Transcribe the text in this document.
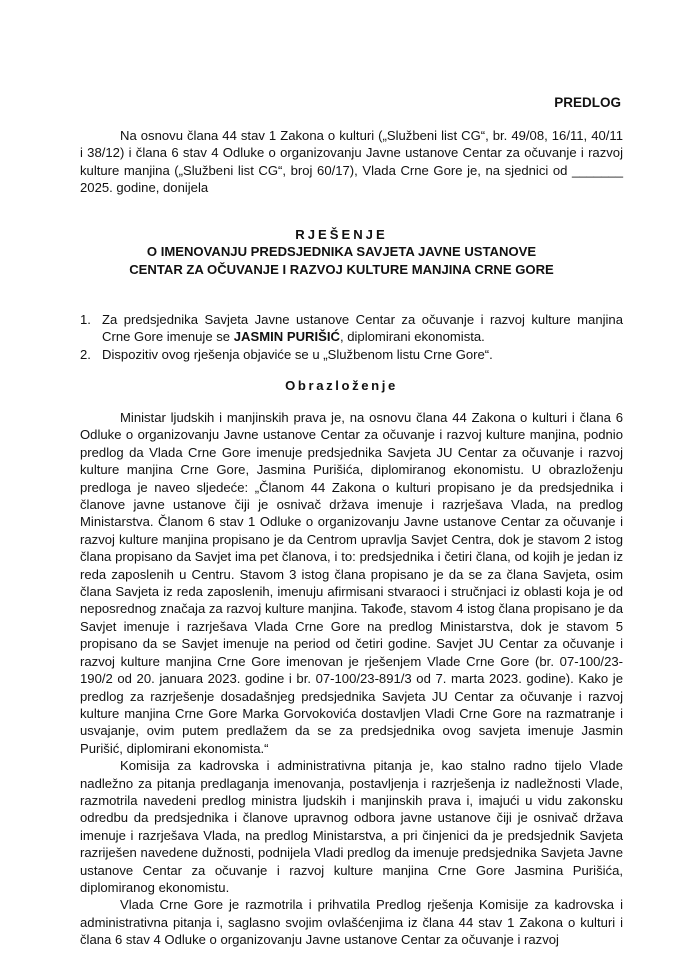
PREDLOG

Na osnovu člana 44 stav 1 Zakona o kulturi („Službeni list CG“, br. 49/08, 16/11, 40/11 i 38/12) i člana 6 stav 4 Odluke o organizovanju Javne ustanove Centar za očuvanje i razvoj kulture manjina („Službeni list CG“, broj 60/17), Vlada Crne Gore je, na sjednici od _______ 2025. godine, donijela

RJEŠENJE
O IMENOVANJU PREDSJEDNIKA SAVJETA JAVNE USTANOVE
CENTAR ZA OČUVANJE I RAZVOJ KULTURE MANJINA CRNE GORE
1. Za predsjednika Savjeta Javne ustanove Centar za očuvanje i razvoj kulture manjina Crne Gore imenuje se JASMIN PURIŠIĆ, diplomirani ekonomista.
2. Dispozitiv ovog rješenja objaviće se u „Službenom listu Crne Gore“.
Obrazloženje

Ministar ljudskih i manjinskih prava je, na osnovu člana 44 Zakona o kulturi i člana 6 Odluke o organizovanju Javne ustanove Centar za očuvanje i razvoj kulture manjina, podnio predlog da Vlada Crne Gore imenuje predsjednika Savjeta JU Centar za očuvanje i razvoj kulture manjina Crne Gore, Jasmina Purišića, diplomiranog ekonomistu. U obrazloženju predloga je naveo sljedeće: „Članom 44 Zakona o kulturi propisano je da predsjednika i članove javne ustanove čiji je osnivač država imenuje i razrješava Vlada, na predlog Ministarstva. Članom 6 stav 1 Odluke o organizovanju Javne ustanove Centar za očuvanje i razvoj kulture manjina propisano je da Centrom upravlja Savjet Centra, dok je stavom 2 istog člana propisano da Savjet ima pet članova, i to: predsjednika i četiri člana, od kojih je jedan iz reda zaposlenih u Centru. Stavom 3 istog člana propisano je da se za člana Savjeta, osim člana Savjeta iz reda zaposlenih, imenuju afirmisani stvaraoci i stručnjaci iz oblasti koja je od neposrednog značaja za razvoj kulture manjina. Takođe, stavom 4 istog člana propisano je da Savjet imenuje i razrješava Vlada Crne Gore na predlog Ministarstva, dok je stavom 5 propisano da se Savjet imenuje na period od četiri godine. Savjet JU Centar za očuvanje i razvoj kulture manjina Crne Gore imenovan je rješenjem Vlade Crne Gore (br. 07-100/23-190/2 od 20. januara 2023. godine i br. 07-100/23-891/3 od 7. marta 2023. godine). Kako je predlog za razrješenje dosadašnjeg predsjednika Savjeta JU Centar za očuvanje i razvoj kulture manjina Crne Gore Marka Gorvokovića dostavljen Vladi Crne Gore na razmatranje i usvajanje, ovim putem predlažem da se za predsjednika ovog savjeta imenuje Jasmin Purišić, diplomirani ekonomista.“

Komisija za kadrovska i administrativna pitanja je, kao stalno radno tijelo Vlade nadležno za pitanja predlaganja imenovanja, postavljenja i razrješenja iz nadležnosti Vlade, razmotrila navedeni predlog ministra ljudskih i manjinskih prava i, imajući u vidu zakonsku odredbu da predsjednika i članove upravnog odbora javne ustanove čiji je osnivač država imenuje i razrješava Vlada, na predlog Ministarstva, a pri činjenici da je predsjednik Savjeta razriješen navedene dužnosti, podnijela Vladi predlog da imenuje predsjednika Savjeta Javne ustanove Centar za očuvanje i razvoj kulture manjina Crne Gore Jasmina Purišića, diplomiranog ekonomistu.

Vlada Crne Gore je razmotrila i prihvatila Predlog rješenja Komisije za kadrovska i administrativna pitanja i, saglasno svojim ovlašćenjima iz člana 44 stav 1 Zakona o kulturi i člana 6 stav 4 Odluke o organizovanju Javne ustanove Centar za očuvanje i razvoj
